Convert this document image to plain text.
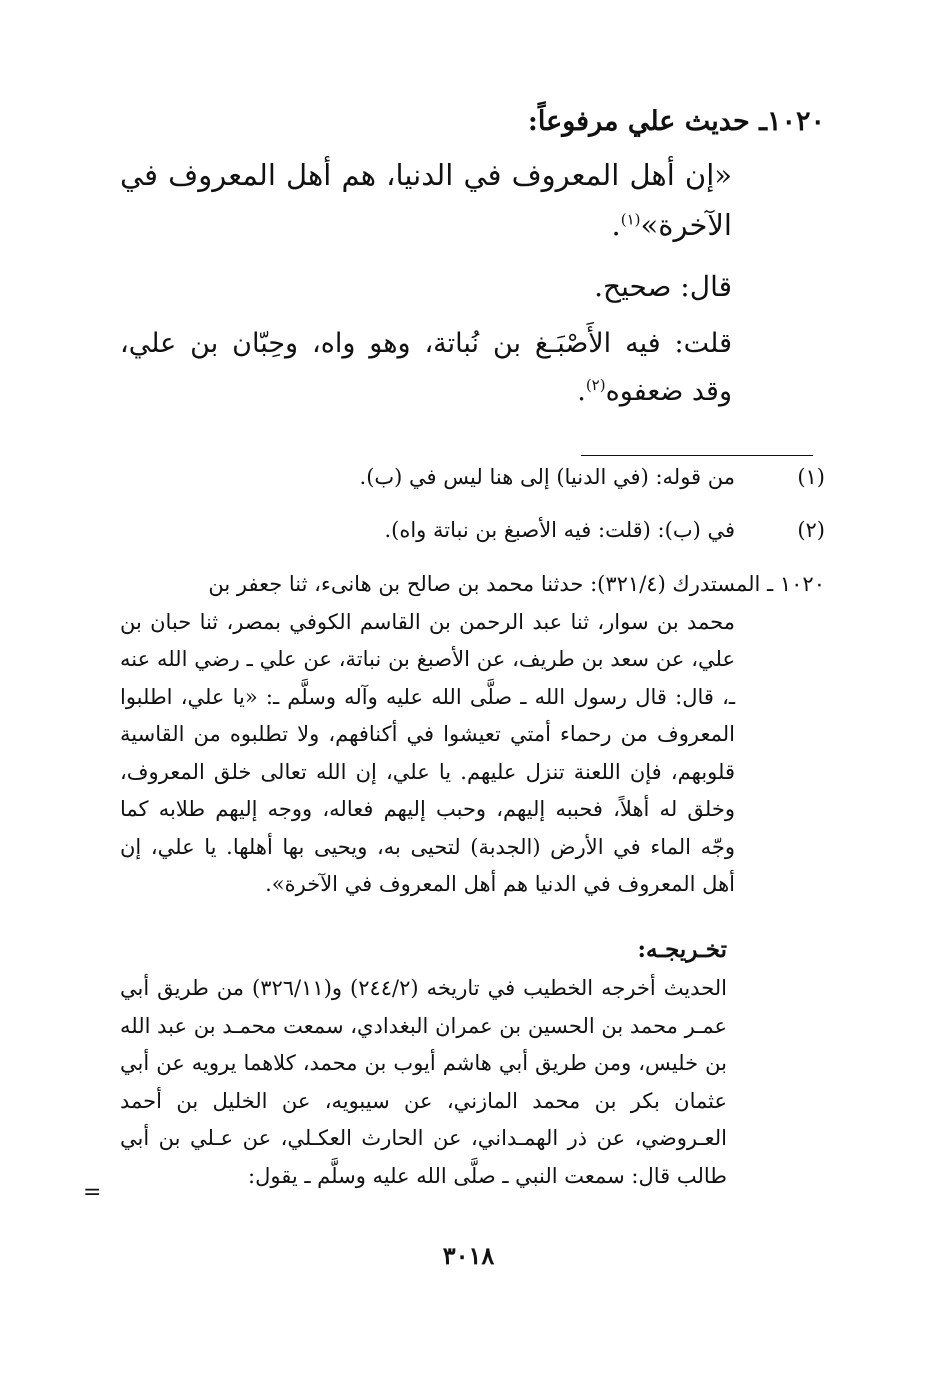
١٠٢٠ـ حديث علي مرفوعاً:

«إن أهل المعروف في الدنيا، هم أهل المعروف في الآخرة»$^{(١)}$.

قال: صحيح.

قلت: فيه الأَصْبَـغ بن نُباتة، وهو واه، وحِبّان بن علي، وقد ضعفوه$^{(٢)}$.

(١)
من قوله: (في الدنيا) إلى هنا ليس في (ب).
(٢)
في (ب): (قلت: فيه الأصبغ بن نباتة واه).

١٠٢٠ ـ المستدرك (٣٢١/٤): حدثنا محمد بن صالح بن هانىء، ثنا جعفر بن

محمد بن سوار، ثنا عبد الرحمن بن القاسم الكوفي بمصر، ثنا حبان بن علي، عن سعد بن طريف، عن الأصبغ بن نباتة، عن علي ـ رضي الله عنه ـ، قال: قال رسول الله ـ صلَّى الله عليه وآله وسلَّم ـ: «يا علي، اطلبوا المعروف من رحماء أمتي تعيشوا في أكنافهم، ولا تطلبوه من القاسية قلوبهم، فإن اللعنة تنزل عليهم. يا علي، إن الله تعالى خلق المعروف، وخلق له أهلاً، فحببه إليهم، وحبب إليهم فعاله، ووجه إليهم طلابه كما وجّه الماء في الأرض (الجدبة) لتحيى به، ويحيى بها أهلها. يا علي، إن أهل المعروف في الدنيا هم أهل المعروف في الآخرة».

تخـريجـه:

الحديث أخرجه الخطيب في تاريخه (٢٤٤/٢) و(٣٢٦/١١) من طريق أبي عمـر محمد بن الحسين بن عمران البغدادي، سمعت محمـد بن عبد الله بن خليس، ومن طريق أبي هاشم أيوب بن محمد، كلاهما يرويه عن أبي عثمان بكر بن محمد المازني، عن سيبويه، عن الخليل بن أحمد العـروضي، عن ذر الهمـداني، عن الحارث العكـلي، عن عـلي بن أبي طالب قال: سمعت النبي ـ صلَّى الله عليه وسلَّم ـ يقول:

=
٣٠١٨
